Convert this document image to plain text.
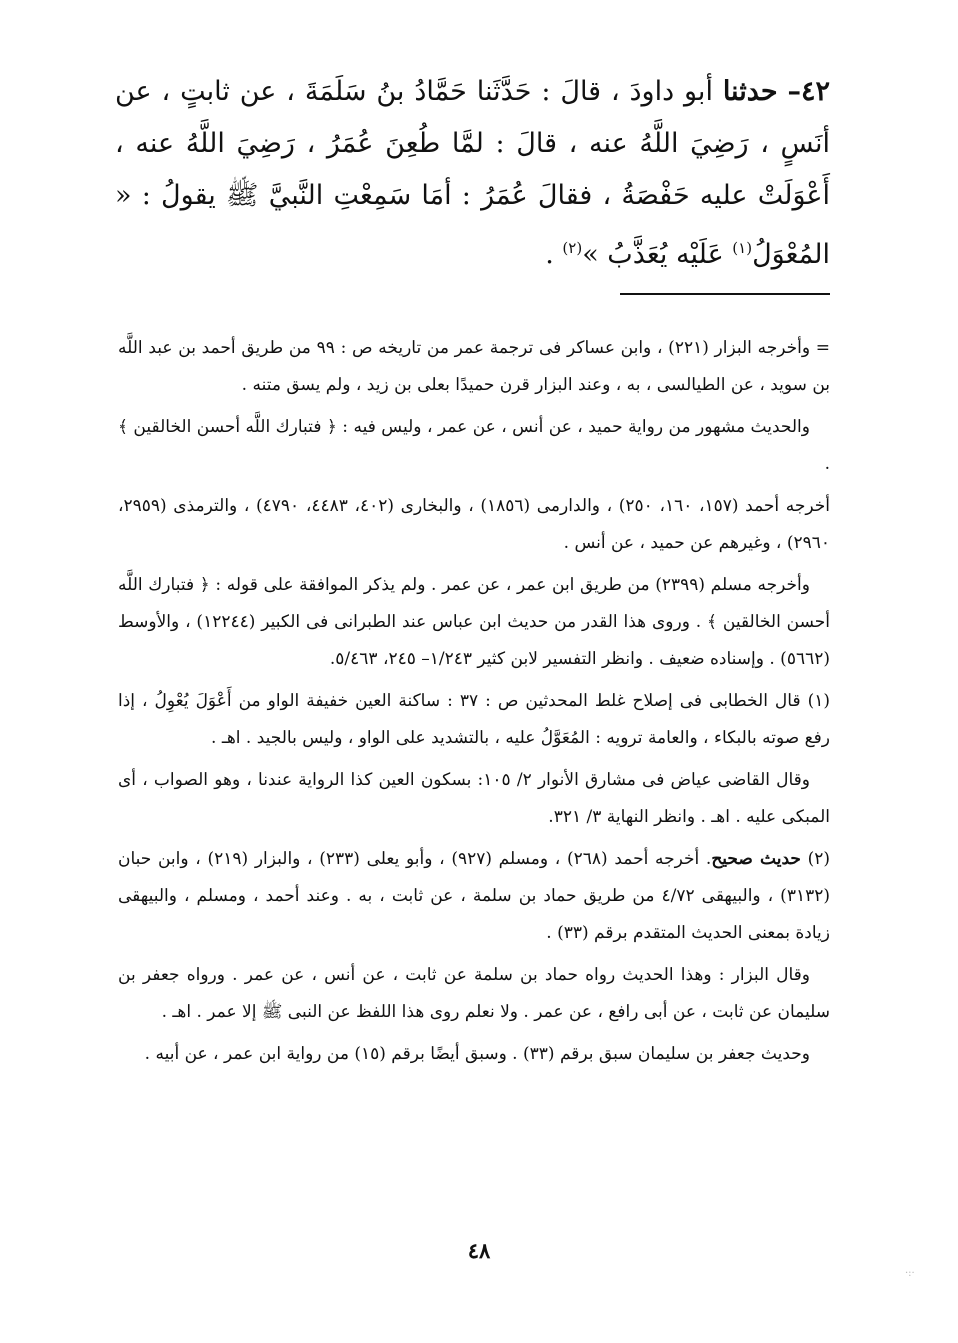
٤٢– حدثنا أبو داودَ ، قالَ : حَدَّثَنا حَمَّادُ بنُ سَلَمَةَ ، عن ثابتٍ ، عن أنَسٍ ، رَضِيَ اللَّهُ عنه ، قالَ : لمَّا طُعِنَ عُمَرُ ، رَضِيَ اللَّهُ عنه ، أَعْوَلَتْ عليه حَفْصَةُ ، فقالَ عُمَرُ : أمَا سَمِعْتِ النَّبيَّ ﷺ يقولُ : « المُعْوَلُ$^{(١)}$ عَلَيْه يُعَذَّبُ »$^{(٢)}$ .

= وأخرجه البزار (٢٢١) ، وابن عساكر فى ترجمة عمر من تاريخه ص : ٩٩ من طريق أحمد بن عبد اللَّه بن سويد ، عن الطيالسى ، به ، وعند البزار قرن حميدًا بعلى بن زيد ، ولم يسق متنه .

والحديث مشهور من رواية حميد ، عن أنس ، عن عمر ، وليس فيه : ﴿ فتبارك اللَّه أحسن الخالقين ﴾ .

أخرجه أحمد (١٥٧، ١٦٠، ٢٥٠) ، والدارمى (١٨٥٦) ، والبخارى (٤٠٢، ٤٤٨٣، ٤٧٩٠) ، والترمذى (٢٩٥٩، ٢٩٦٠) ، وغيرهم عن حميد ، عن أنس .

وأخرجه مسلم (٢٣٩٩) من طريق ابن عمر ، عن عمر . ولم يذكر الموافقة على قوله : ﴿ فتبارك اللَّه أحسن الخالقين ﴾ . وروى هذا القدر من حديث ابن عباس عند الطبرانى فى الكبير (١٢٢٤٤) ، والأوسط (٥٦٦٢) . وإسناده ضعيف . وانظر التفسير لابن كثير ١/٢٤٣– ٢٤٥، ٥/٤٦٣.

(١) قال الخطابى فى إصلاح غلط المحدثين ص : ٣٧ : ساكنة العين خفيفة الواو من أَعْوَلَ يُعْوِلُ ، إذا رفع صوته بالبكاء ، والعامة ترويه : المُعَوَّلُ عليه ، بالتشديد على الواو ، وليس بالجيد . اهـ .

وقال القاضى عياض فى مشارق الأنوار ٢/ ١٠٥: بسكون العين كذا الرواية عندنا ، وهو الصواب ، أى المبكى عليه . اهـ . وانظر النهاية ٣/ ٣٢١.

(٢) حديث صحيح. أخرجه أحمد (٢٦٨) ، ومسلم (٩٢٧) ، وأبو يعلى (٢٣٣) ، والبزار (٢١٩) ، وابن حبان (٣١٣٢) ، والبيهقى ٤/٧٢ من طريق حماد بن سلمة ، عن ثابت ، به . وعند أحمد ، ومسلم ، والبيهقى زيادة بمعنى الحديث المتقدم برقم (٣٣) .

وقال البزار : وهذا الحديث رواه حماد بن سلمة عن ثابت ، عن أنس ، عن عمر . ورواه جعفر بن سليمان عن ثابت ، عن أبى رافع ، عن عمر . ولا نعلم روى هذا اللفظ عن النبى ﷺ إلا عمر . اهـ .

وحديث جعفر بن سليمان سبق برقم (٣٣) . وسبق أيضًا برقم (١٥) من رواية ابن عمر ، عن أبيه .

٤٨
·:·
